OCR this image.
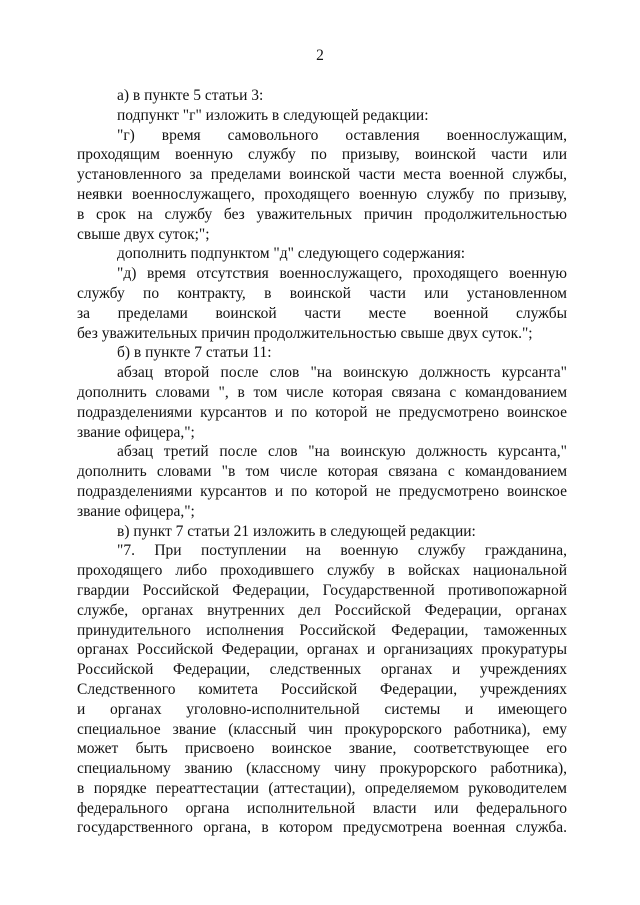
2
а) в пункте 5 статьи 3:
подпункт "г" изложить в следующей редакции:
"г) время самовольного оставления военнослужащим,
проходящим военную службу по призыву, воинской части или
установленного за пределами воинской части места военной службы,
неявки военнослужащего, проходящего военную службу по призыву,
в срок на службу без уважительных причин продолжительностью
свыше двух суток;";
дополнить подпунктом "д" следующего содержания:
"д) время отсутствия военнослужащего, проходящего военную
службу по контракту, в воинской части или установленном
за пределами воинской части месте военной службы
без уважительных причин продолжительностью свыше двух суток.";
б) в пункте 7 статьи 11:
абзац второй после слов "на воинскую должность курсанта"
дополнить словами ", в том числе которая связана с командованием
подразделениями курсантов и по которой не предусмотрено воинское
звание офицера,";
абзац третий после слов "на воинскую должность курсанта,"
дополнить словами "в том числе которая связана с командованием
подразделениями курсантов и по которой не предусмотрено воинское
звание офицера,";
в) пункт 7 статьи 21 изложить в следующей редакции:
"7. При поступлении на военную службу гражданина,
проходящего либо проходившего службу в войсках национальной
гвардии Российской Федерации, Государственной противопожарной
службе, органах внутренних дел Российской Федерации, органах
принудительного исполнения Российской Федерации, таможенных
органах Российской Федерации, органах и организациях прокуратуры
Российской Федерации, следственных органах и учреждениях
Следственного комитета Российской Федерации, учреждениях
и органах уголовно-исполнительной системы и имеющего
специальное звание (классный чин прокурорского работника), ему
может быть присвоено воинское звание, соответствующее его
специальному званию (классному чину прокурорского работника),
в порядке переаттестации (аттестации), определяемом руководителем
федерального органа исполнительной власти или федерального
государственного органа, в котором предусмотрена военная служба.
